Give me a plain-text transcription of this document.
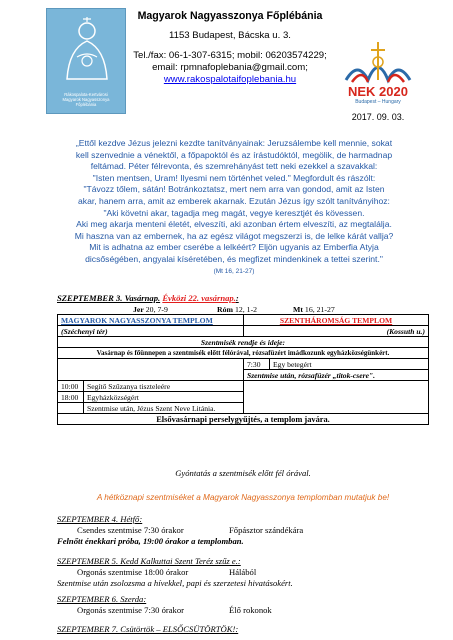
Rákospalota-Kertvárosi
Magyarok Nagyasszonya
Főplébánia
Magyarok Nagyasszonya Főplébánia
1153 Budapest, Bácska u. 3.
Tel./fax: 06-1-307-6315; mobil: 06203574229;
email: rpmnafoplebania@gmail.com;
www.rakospalotaifoplebania.hu
NEK 2020
Budapest – Hungary
2017. 09. 03.
„Ettől kezdve Jézus jelezni kezdte tanítványainak: Jeruzsálembe kell mennie, sokat
kell szenvednie a vénektől, a főpapoktól és az írástudóktól, megölik, de harmadnap
feltámad. Péter félrevonta, és szemrehányást tett neki ezekkel a szavakkal:
"Isten mentsen, Uram! Ilyesmi nem történhet veled." Megfordult és rászólt:
"Távozz tőlem, sátán! Botránkoztatsz, mert nem arra van gondod, amit az Isten
akar, hanem arra, amit az emberek akarnak. Ezután Jézus így szólt tanítványihoz:
"Aki követni akar, tagadja meg magát, vegye keresztjét és kövessen.
Aki meg akarja menteni életét, elveszíti, aki azonban értem elveszíti, az megtalálja.
Mi haszna van az embernek, ha az egész világot megszerzi is, de lelke kárát vallja?
Mit is adhatna az ember cserébe a lelkéért? Eljön ugyanis az Emberfia Atyja
dicsőségében, angyalai kíséretében, és megfizet mindenkinek a tettei szerint."
(Mt 16, 21-27)
SZEPTEMBER 3. Vasárnap. Évközi 22. vasárnap.:
Jer 20, 7-9	Róm 12, 1-2	Mt 16, 21-27
MAGYAROK NAGYASSZONYA TEMPLOM		SZENTHÁROMSÁG TEMPLOM	
(Széchenyi tér)		(Kossuth u.)	
Szentmisék rendje és ideje:			
Vasárnap és főünnepen a szentmisék előtt félórával, rózsafüzért imádkozunk egyházközségünkért.			
		7:30	Egy betegért
		Szentmise után, rózsafüzér „titok-csere".	
10:00	Segítő Szűzanya tiszteleére		
18:00	Egyházközségért		
	Szentmise után, Jézus Szent Neve Litánia.		
Elsővasárnapi perselygyűjtés, a templom javára.			
Gyóntatás a szentmisék előtt fél órával.
A hétköznapi szentmiséket a Magyarok Nagyasszonya templomban mutatjuk be!
SZEPTEMBER 4. Hétfő:
Csendes szentmise 7:30 órakor	Főpásztor szándékára
Felnőtt énekkari próba, 19:00 órakor a templomban.
SZEPTEMBER 5. Kedd Kalkuttai Szent Teréz szűz e.:
Orgonás szentmise 18:00 órakor	Hálából
Szentmise után zsolozsma a hívekkel, papi és szerzetesi hivatásokért.
SZEPTEMBER 6. Szerda:
Orgonás szentmise 7:30 órakor	Élő rokonok
SZEPTEMBER 7. Csütörtök – ELSŐCSÜTÖRTÖK!:
